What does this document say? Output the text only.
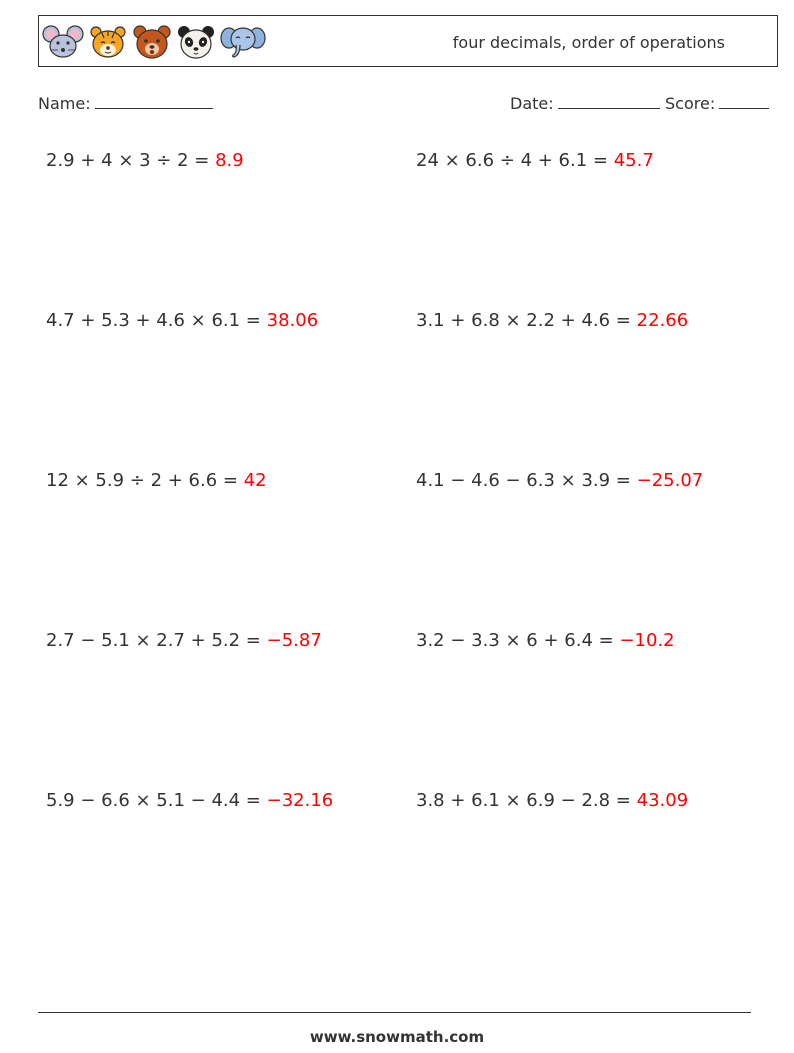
four decimals, order of operations
Name:	Date:	Score:
2.9 + 4 × 3 ÷ 2 = 8.9	24 × 6.6 ÷ 4 + 6.1 = 45.7
4.7 + 5.3 + 4.6 × 6.1 = 38.06	3.1 + 6.8 × 2.2 + 4.6 = 22.66
12 × 5.9 ÷ 2 + 6.6 = 42	4.1 − 4.6 − 6.3 × 3.9 = −25.07
2.7 − 5.1 × 2.7 + 5.2 = −5.87	3.2 − 3.3 × 6 + 6.4 = −10.2
5.9 − 6.6 × 5.1 − 4.4 = −32.16	3.8 + 6.1 × 6.9 − 2.8 = 43.09
www.snowmath.com
